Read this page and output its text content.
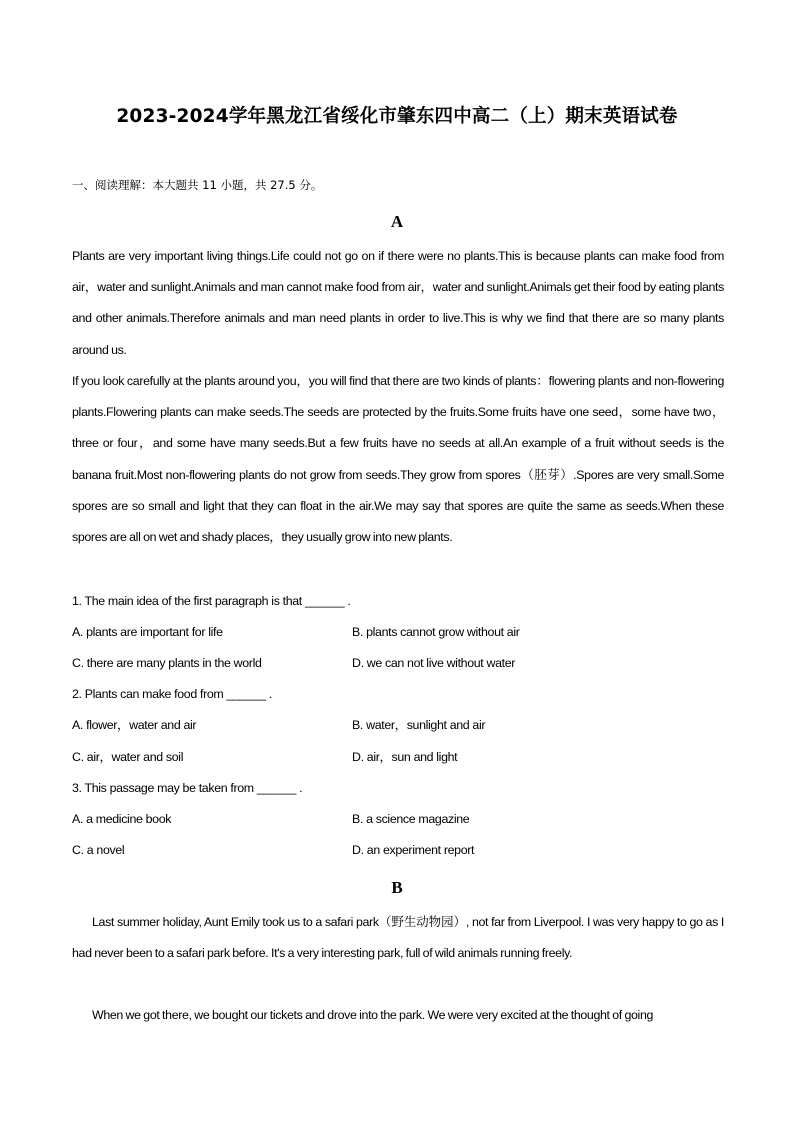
2023-2024学年黑龙江省绥化市肇东四中高二（上）期末英语试卷
一、阅读理解：本大题共 11 小题，共 27.5 分。
A
Plants are very important living things.Life could not go on if there were no plants.This is because plants can make food from air，water and sunlight.Animals and man cannot make food from air，water and sunlight.Animals get their food by eating plants and other animals.Therefore animals and man need plants in order to live.This is why we find that there are so many plants around us.
If you look carefully at the plants around you，you will find that there are two kinds of plants：flowering plants and non-flowering plants.Flowering plants can make seeds.The seeds are protected by the fruits.Some fruits have one seed，some have two，three or four，and some have many seeds.But a few fruits have no seeds at all.An example of a fruit without seeds is the banana fruit.Most non-flowering plants do not grow from seeds.They grow from spores（胚芽）.Spores are very small.Some spores are so small and light that they can float in the air.We may say that spores are quite the same as seeds.When these spores are all on wet and shady places，they usually grow into new plants.
1. The main idea of the first paragraph is that ______ .
A. plants are important for life	B. plants cannot grow without air
C. there are many plants in the world	D. we can not live without water
2. Plants can make food from ______ .
A. flower，water and air	B. water，sunlight and air
C. air，water and soil	D. air，sun and light
3. This passage may be taken from ______ .
A. a medicine book	B. a science magazine
C. a novel	D. an experiment report
B
Last summer holiday, Aunt Emily took us to a safari park（野生动物园）, not far from Liverpool. I was very happy to go as I had never been to a safari park before. It's a very interesting park, full of wild animals running freely.
When we got there, we bought our tickets and drove into the park. We were very excited at the thought of going
